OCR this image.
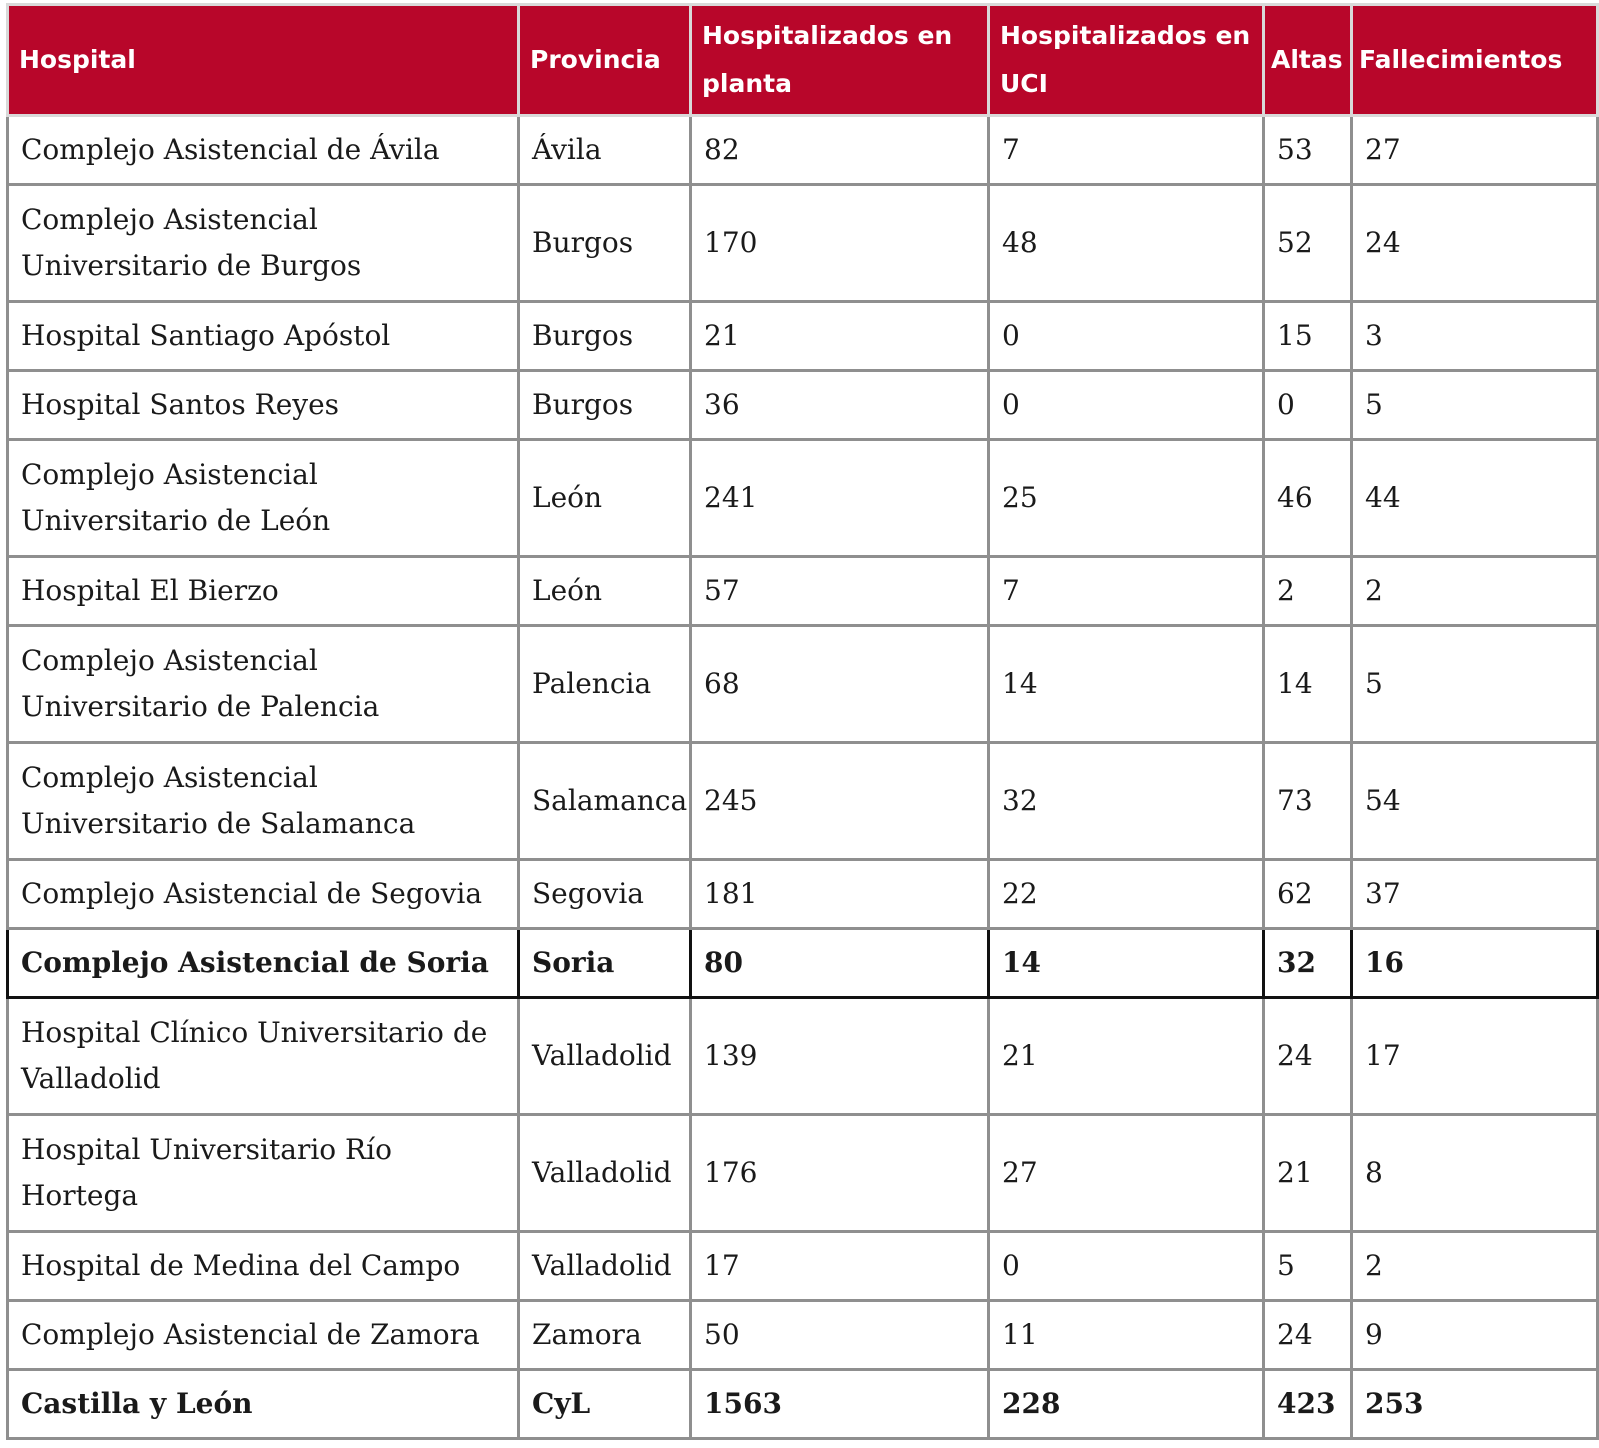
Hospital	Provincia	Hospitalizados en planta	Hospitalizados en UCI	Altas	Fallecimientos
Complejo Asistencial de Ávila	Ávila	82	7	53	27
Complejo Asistencial Universitario de Burgos	Burgos	170	48	52	24
Hospital Santiago Apóstol	Burgos	21	0	15	3
Hospital Santos Reyes	Burgos	36	0	0	5
Complejo Asistencial Universitario de León	León	241	25	46	44
Hospital El Bierzo	León	57	7	2	2
Complejo Asistencial Universitario de Palencia	Palencia	68	14	14	5
Complejo Asistencial Universitario de Salamanca	Salamanca	245	32	73	54
Complejo Asistencial de Segovia	Segovia	181	22	62	37
Complejo Asistencial de Soria	Soria	80	14	32	16
Hospital Clínico Universitario de Valladolid	Valladolid	139	21	24	17
Hospital Universitario Río Hortega	Valladolid	176	27	21	8
Hospital de Medina del Campo	Valladolid	17	0	5	2
Complejo Asistencial de Zamora	Zamora	50	11	24	9
Castilla y León	CyL	1563	228	423	253
